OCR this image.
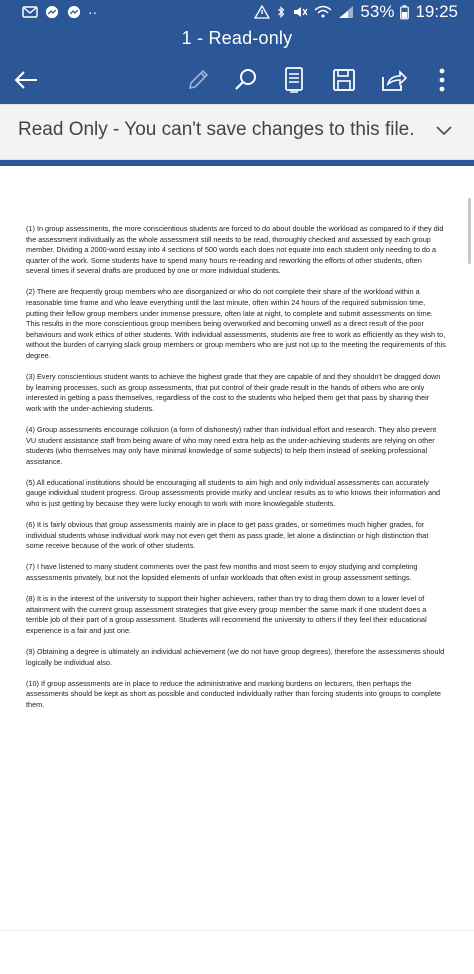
··	53% 19:25
1 - Read-only
Read Only - You can't save changes to this file.

(1) In group assessments, the more conscientious students are forced to do about double the workload as compared to if they did the assessment individually as the whole assessment still needs to be read, thoroughly checked and assessed by each group member. Dividing a 2000-word essay into 4 sections of 500 words each does not equate into each student only needing to do a quarter of the work. Some students have to spend many hours re-reading and reworking the efforts of other students, often several times if several drafts are produced by one or more individual students.

(2) There are frequently group members who are disorganized or who do not complete their share of the workload within a reasonable time frame and who leave everything until the last minute, often within 24 hours of the required submission time, putting their fellow group members under immense pressure, often late at night, to complete and submit assessments on time. This results in the more conscientious group members being overworked and becoming unwell as a direct result of the poor behaviours and work ethics of other students. With individual assessments, students are free to work as efficiently as they wish to, without the burden of carrying slack group members or group members who are just not up to the meeting the requirements of this degree.

(3) Every conscientious student wants to achieve the highest grade that they are capable of and they shouldn't be dragged down by learning processes, such as group assessments, that put control of their grade result in the hands of others who are only interested in getting a pass themselves, regardless of the cost to the students who helped them get that pass by sharing their work with the under-achieving students.

(4) Group assessments encourage collusion (a form of dishonesty) rather than individual effort and research. They also prevent VU student assistance staff from being aware of who may need extra help as the under-achieving students are relying on other students (who themselves may only have minimal knowledge of some subjects) to help them instead of seeking professional assistance.

(5) All educational institutions should be encouraging all students to aim high and only individual assessments can accurately gauge individual student progress. Group assessments provide murky and unclear results as to who knows their information and who is just getting by because they were lucky enough to work with more knowlegable students.

(6) It is fairly obvious that group assessments mainly are in place to get pass grades, or sometimes much higher grades, for individual students whose individual work may not even get them as pass grade, let alone a distinction or high distinction that some receive because of the work of other students.

(7) I have listened to many student comments over the past few months and most seem to enjoy studying and completing asssessments privately, but not the lopsided elements of unfair workloads that often exist in group assessment settings.

(8) It is in the interest of the university to support their higher achievers, rather than try to drag them down to a lower level of attainment with the current group assessment strategies that give every group member the same mark if one student does a terrible job of their part of a group assessment. Students will recommend the university to others if they feel their educational experience is a fair and just one.

(9) Obtaining a degree is ultimately an individual achievement (we do not have group degrees), therefore the assessments should logically be individual also.

(10) If group assessments are in place to reduce the administrative and marking burdens on lecturers, then perhaps the assessments should be kept as short as possible and conducted individually rather than forcing students into groups to complete them.
